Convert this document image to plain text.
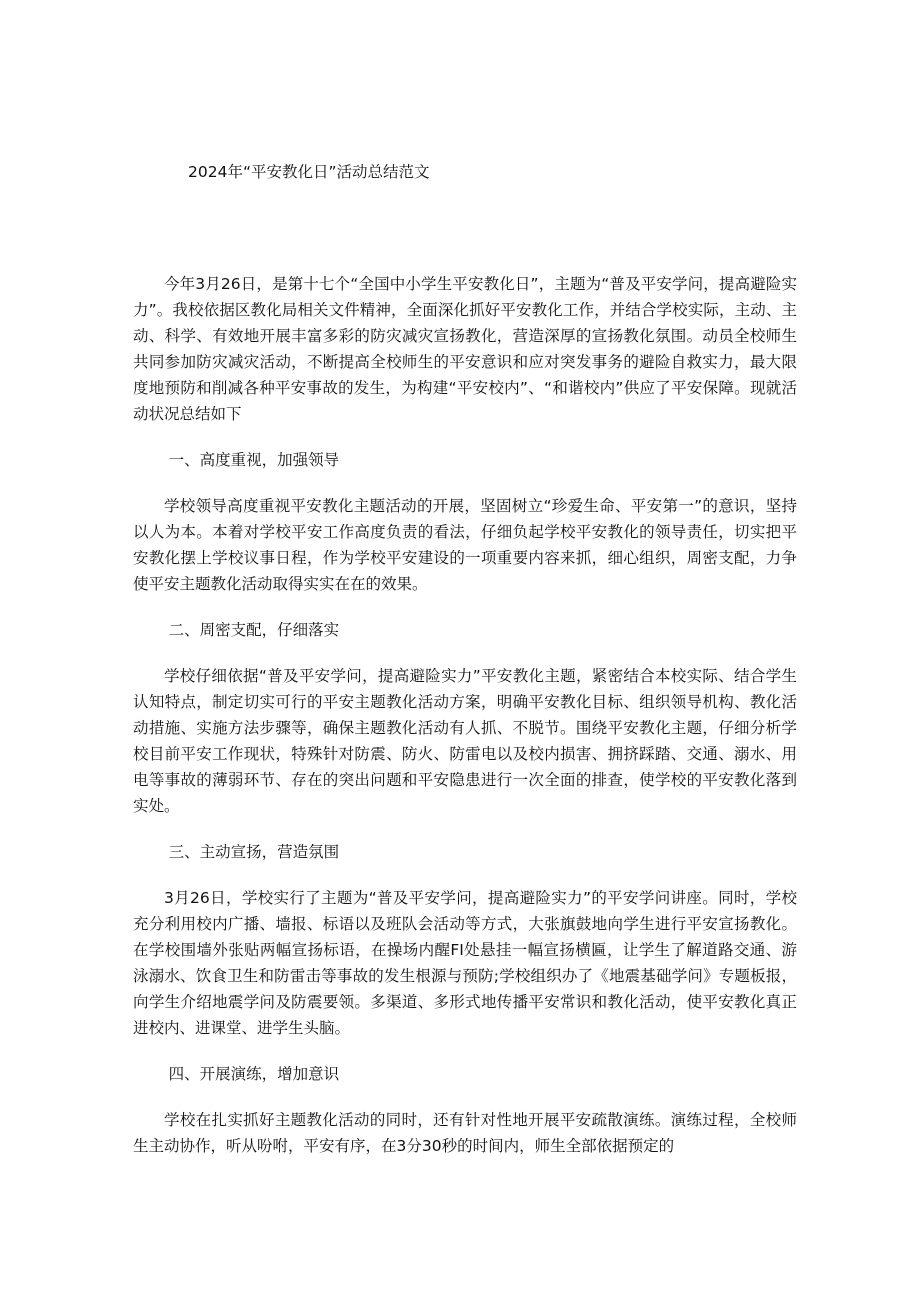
2024年“平安教化日”活动总结范文

今年3月26日，是第十七个“全国中小学生平安教化日”，主题为“普及平安学问，提高避险实力”。我校依据区教化局相关文件精神，全面深化抓好平安教化工作，并结合学校实际，主动、主动、科学、有效地开展丰富多彩的防灾减灾宣扬教化，营造深厚的宣扬教化氛围。动员全校师生共同参加防灾减灾活动，不断提高全校师生的平安意识和应对突发事务的避险自救实力，最大限度地预防和削减各种平安事故的发生，为构建“平安校内”、“和谐校内”供应了平安保障。现就活动状况总结如下

一、高度重视，加强领导

学校领导高度重视平安教化主题活动的开展，坚固树立“珍爱生命、平安第一”的意识，坚持以人为本。本着对学校平安工作高度负责的看法，仔细负起学校平安教化的领导责任，切实把平安教化摆上学校议事日程，作为学校平安建设的一项重要内容来抓，细心组织，周密支配，力争使平安主题教化活动取得实实在在的效果。

二、周密支配，仔细落实

学校仔细依据“普及平安学问，提高避险实力”平安教化主题，紧密结合本校实际、结合学生认知特点，制定切实可行的平安主题教化活动方案，明确平安教化目标、组织领导机构、教化活动措施、实施方法步骤等，确保主题教化活动有人抓、不脱节。围绕平安教化主题，仔细分析学校目前平安工作现状，特殊针对防震、防火、防雷电以及校内损害、拥挤踩踏、交通、溺水、用电等事故的薄弱环节、存在的突出问题和平安隐患进行一次全面的排查，使学校的平安教化落到实处。

三、主动宣扬，营造氛围

3月26日，学校实行了主题为“普及平安学问，提高避险实力”的平安学问讲座。同时，学校充分利用校内广播、墙报、标语以及班队会活动等方式，大张旗鼓地向学生进行平安宣扬教化。在学校围墙外张贴两幅宣扬标语，在操场内醒FI处悬挂一幅宣扬横匾，让学生了解道路交通、游泳溺水、饮食卫生和防雷击等事故的发生根源与预防;学校组织办了《地震基础学问》专题板报，向学生介绍地震学问及防震要领。多渠道、多形式地传播平安常识和教化活动，使平安教化真正进校内、进课堂、进学生头脑。

四、开展演练，增加意识

学校在扎实抓好主题教化活动的同时，还有针对性地开展平安疏散演练。演练过程，全校师生主动协作，听从吩咐，平安有序，在3分30秒的时间内，师生全部依据预定的
